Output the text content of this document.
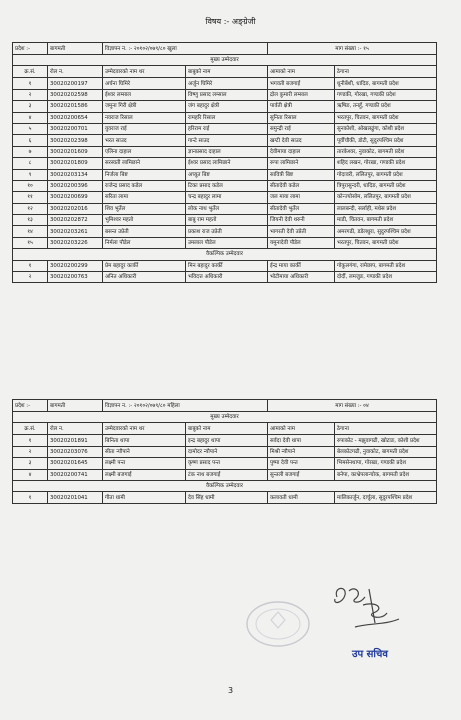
विषय :- अङ्ग्रेजी
प्रदेश :-	बागमती	विज्ञापन न. :- २०१०२/०७९/८० खुला		माग संख्या :- १५	
मुख्य उम्मेदवार					
क्र.सं.	रोल न.	उम्मेदवारको नाम थर	बाबुको नाम	आमाको नाम	ठेगाना
१	30020200197	अर्चना घिमिरे	अर्जुन घिमिरे	भगवती बजगाईं	धुनीबेंशी, धादिङ, बागमती प्रदेश
२	30020202598	ईश्वर लम्साल	विष्णु प्रसाद लम्साल	द्रोल कुमारी लम्साल	गण्डकी, गोरखा, गण्डकी प्रदेश
३	30020201586	जमुना गिरी क्षेत्री	जंग बहादुर क्षेत्री	पार्वती क्षेत्री	ऋषिङ, तनहुँ, गण्डकी प्रदेश
४	30020200654	नवराज रिसाल	रामहरि रिसाल	सुनिता रिसाल	भरतपुर, चितवन, बागमती प्रदेश
५	30020200701	युवराज राई	हरिराम राई	समुन्द्री राई	सुनकोशी, ओखलढुंगा, कोशी प्रदेश
६	30020202398	भरत साउद	गान्टे साउद	खग्टी देवी साउद	पूर्वीचौकी, डोटी, सुदुरपश्चिम प्रदेश
७	30020201609	एलिना दाहाल	ज्ञानप्रसाद दाहाल	देवीमाया दाहाल	तारकेश्वर, नुवाकोट, बागमती प्रदेश
८	30020201809	सरस्वती लामिछाने	ईश्वर प्रसाद लामिछाने	रूपा लामिछाने	शहिद लखन, गोरखा, गण्डकी प्रदेश
९	30020203134	निर्जला बिष्ट	अच्युत बिष्ट	सावित्री बिष्ट	गोदावरी, ललितपुर, बागमती प्रदेश
१०	30020200396	राजेन्द्र प्रसाद कडेल	टिका प्रसाद कडेल	सीतादेवी कडेल	त्रिपुरासुन्दरी, धादिङ, बागमती प्रदेश
११	30020200699	सरिता लामा	चन्द्र बहादुर लामा	जल माया लामा	कोन्ज्योसोम, ललितपुर, बागमती प्रदेश
१२	30020202016	शिव भुर्तेल	लोक नाथ भुर्तेल	सीतादेवी भुर्तेल	लालबन्दी, सर्लाही, मधेस प्रदेश
१३	30020202872	भुमिश्वर महतो	बाबु राम महतो	जियनी देवी थरुनी	माडी, चितवन, बागमती प्रदेश
१४	30020203261	बसन्त उप्रेती	प्रकाश राज उप्रेती	भागरती देवी उप्रेती	अमरगढी, डडेलधुरा, सुदुरपश्चिम प्रदेश
१५	30020203226	निर्मला पौडेल	उमलाल पौडेल	यमुनादेवी पौडेल	भरतपुर, चितवन, बागमती प्रदेश
वैकल्पिक उम्मेदवार					
१	30020200299	प्रेम बहादुर कार्की	मिन बहादुर कार्की	ईन्द्र माया कार्की	गोकुलगंगा, रामेछाप, बागमती प्रदेश
२	30020200763	अनित अधिकारी	भविदत्त अधिकारी	भोटीमाया अधिकारी	दोर्दी, लमजुङ, गण्डकी प्रदेश
प्रदेश :-	बागमती	विज्ञापन न. :- २०१०२/०७९/८० महिला		माग संख्या :- ०४	
मुख्य उम्मेदवार					
क्र.सं.	रोल न.	उम्मेदवारको नाम थर	बाबुको नाम	आमाको नाम	ठेगाना
१	30020201891	बिनिता थापा	इन्द्र बहादुर थापा	सर्वदा देवी थापा	रुपाकोट - मझुवागढी, खोटाङ, कोशी प्रदेश
२	30020203076	सीता न्यौपाने	दामोदर न्यौपाने	मिश्री न्यौपाने	बेलकोटगढी, नुवाकोट, बागमती प्रदेश
३	30020201645	लक्ष्मी पन्त	कृष्ण प्रसाद पन्त	पुष्पा देवी पन्त	भिमसेनथापा, गोरखा, गण्डकी प्रदेश
४	30020200741	लक्ष्मी बजगाईं	टंक नाथ बजगाईं	सुन्तली बजगाईं	बनेपा, काभ्रेपलान्चोक, बागमती प्रदेश
वैकल्पिक उम्मेदवार					
१	30020201041	गीता धामी	देव सिंह धामी	कलावती धामी	मालिकार्जुन, दार्चुला, सुदुरपश्चिम प्रदेश
उप सचिव
3
